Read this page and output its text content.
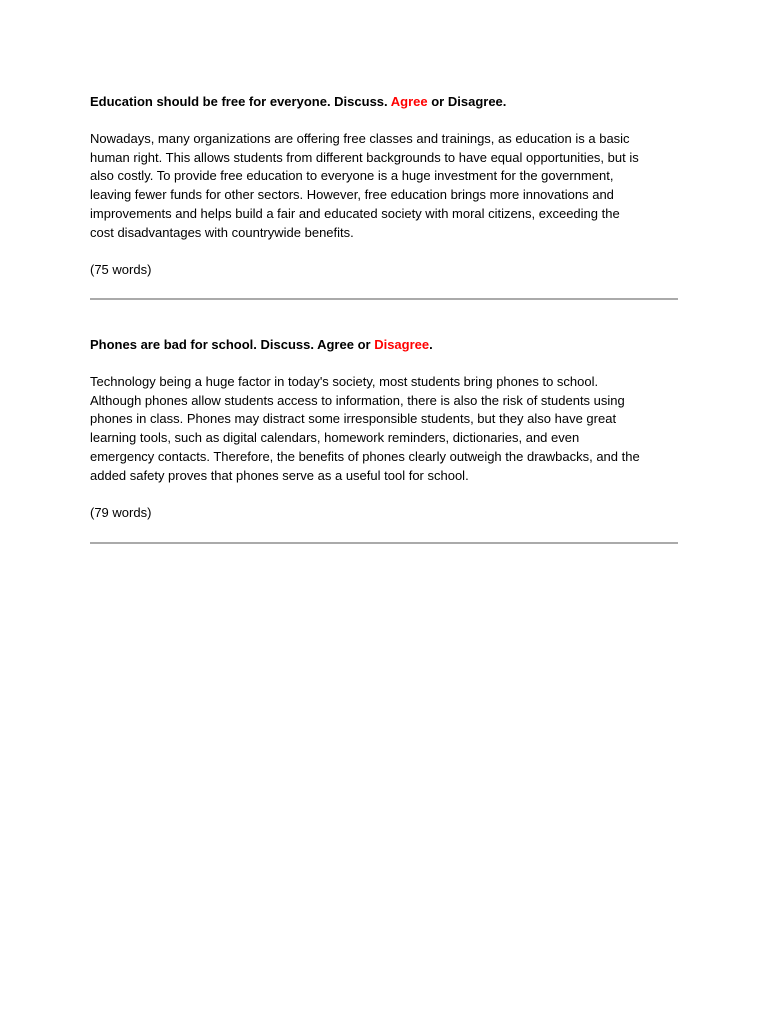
Education should be free for everyone. Discuss. Agree or Disagree.

Nowadays, many organizations are offering free classes and trainings, as education is a basic
human right. This allows students from different backgrounds to have equal opportunities, but is
also costly. To provide free education to everyone is a huge investment for the government,
leaving fewer funds for other sectors. However, free education brings more innovations and
improvements and helps build a fair and educated society with moral citizens, exceeding the
cost disadvantages with countrywide benefits.

(75 words)

Phones are bad for school. Discuss. Agree or Disagree.

Technology being a huge factor in today's society, most students bring phones to school.
Although phones allow students access to information, there is also the risk of students using
phones in class. Phones may distract some irresponsible students, but they also have great
learning tools, such as digital calendars, homework reminders, dictionaries, and even
emergency contacts. Therefore, the benefits of phones clearly outweigh the drawbacks, and the
added safety proves that phones serve as a useful tool for school.

(79 words)
